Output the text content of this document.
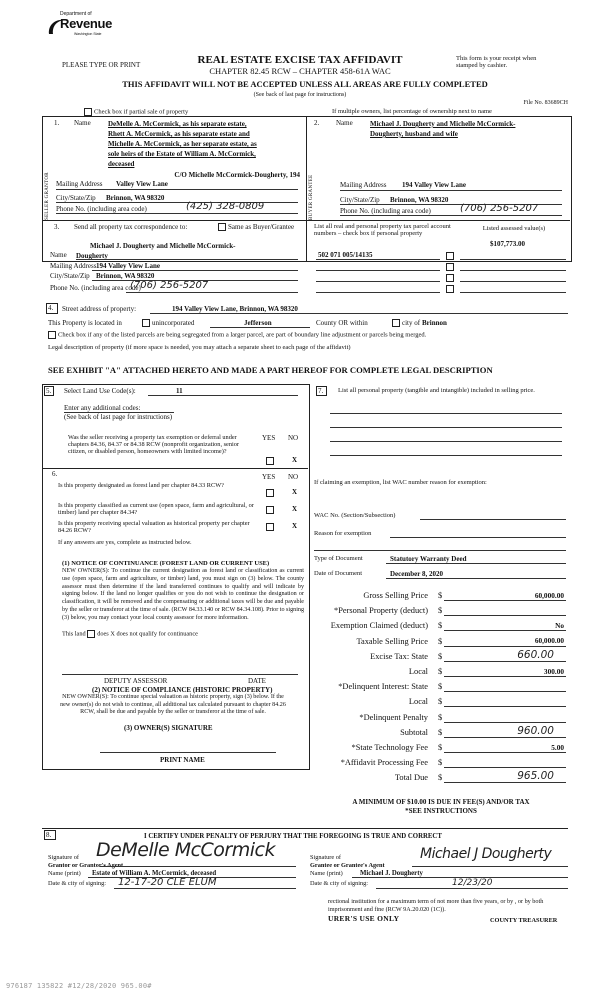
Department of
Revenue
Washington State
PLEASE TYPE OR PRINT	REAL ESTATE EXCISE TAX AFFIDAVIT
CHAPTER 82.45 RCW – CHAPTER 458-61A WAC
This form is your receipt when stamped by cashier.
THIS AFFIDAVIT WILL NOT BE ACCEPTED UNLESS ALL AREAS ARE FULLY COMPLETED
(See back of last page for instructions)
File No. 83689CH
Check box if partial sale of property	If multiple owners, list percentage of ownership next to name
1. Name DeMelle A. McCormick, as his separate estate,
Rhett A. McCormick, as his separate estate and
Michelle A. McCormick, as her separate estate, as
sole heirs of the Estate of William A. McCormick,
deceased
C/O Michelle McCormick-Dougherty, 194
SELLER GRANTOR Mailing Address Valley View Lane
City/State/Zip Brinnon, WA 98320
Phone No. (including area code)	(425) 328-0809
2. Name Michael J. Dougherty and Michelle McCormick-
Dougherty, husband and wife
BUYER GRANTEE	Mailing Address 194 Valley View Lane
City/State/Zip Brinnon, WA 98320
Phone No. (including area code)	(706) 256-5207
3. Send all property tax correspondence to:	Same as Buyer/Grantee
Michael J. Dougherty and Michelle McCormick-
Dougherty
Name
Mailing Address 194 Valley View Lane
City/State/Zip Brinnon, WA 98320
Phone No. (including area code)
(706) 256-5207
List all real and personal property tax parcel account numbers – check box if personal property
Listed assessed value(s)
$107,773.00
502 071 005/14135
4. Street address of property:	194 Valley View Lane, Brinnon, WA 98320
This Property is located in	unincorporated	Jefferson	County OR within	city of Brinnon
Check box if any of the listed parcels are being segregated from a larger parcel, are part of boundary line adjustment or parcels being merged.
Legal description of property (if more space is needed, you may attach a separate sheet to each page of the affidavit)
SEE EXHIBIT "A" ATTACHED HERETO AND MADE A PART HEREOF FOR COMPLETE LEGAL DESCRIPTION
5. Select Land Use Code(s):	11
Enter any additional codes:
(See back of last page for instructions)
YES NO
Was the seller receiving a property tax exemption or deferral under chapters 84.36, 84.37 or 84.38 RCW (nonprofit organization, senior citizen, or disabled person, homeowners with limited income)?
X
6.	YES NO
Is this property designated as forest land per chapter 84.33 RCW?
X
Is this property classified as current use (open space, farm and agricultural, or timber) land per chapter 84.34?	X
Is this property receiving special valuation as historical property per chapter 84.26 RCW?
X
If any answers are yes, complete as instructed below.
(1) NOTICE OF CONTINUANCE (FOREST LAND OR CURRENT USE)
NEW OWNER(S): To continue the current designation as forest land or classification as current use (open space, farm and agriculture, or timber) land, you must sign on (3) below. The county assessor must then determine if the land transferred continues to qualify and will indicate by signing below. If the land no longer qualifies or you do not wish to continue the designation or classification, it will be removed and the compensating or additional taxes will be due and payable by the seller or transferor at the time of sale. (RCW 84.33.140 or RCW 84.34.108). Prior to signing (3) below, you may contact your local county assessor for more information.
This land does X does not qualify for continuance
DEPUTY ASSESSOR	DATE
(2) NOTICE OF COMPLIANCE (HISTORIC PROPERTY)
NEW OWNER(S): To continue special valuation as historic property, sign (3) below. If the new owner(s) do not wish to continue, all additional tax calculated pursuant to chapter 84.26 RCW, shall be due and payable by the seller or transferor at the time of sale.
(3) OWNER(S) SIGNATURE
PRINT NAME
7. List all personal property (tangible and intangible) included in selling price.
If claiming an exemption, list WAC number reason for exemption:
WAC No. (Section/Subsection)
Reason for exemption
Type of Document	Statutory Warranty Deed
Date of Document	December 8, 2020
Gross Selling Price $	60,000.00
*Personal Property (deduct) $
Exemption Claimed (deduct) $	No
Taxable Selling Price $	60,000.00
Excise Tax: State $	660.00
Local $	300.00
*Delinquent Interest: State $
Local $
*Delinquent Penalty $
Subtotal $	960.00
*State Technology Fee $	5.00
*Affidavit Processing Fee $
Total Due $	965.00
A MINIMUM OF $10.00 IS DUE IN FEE(S) AND/OR TAX
*SEE INSTRUCTIONS
8.	I CERTIFY UNDER PENALTY OF PERJURY THAT THE FOREGOING IS TRUE AND CORRECT
Signature of
Grantor or Grantor's Agent
DeMelle McCormick
Name (print) Estate of William A. McCormick, deceased
Date & city of signing: 12-17-20 CLE ELUM
Signature of
Grantee or Grantee's Agent
Michael J Dougherty
Name (print)	Michael J. Dougherty
Date & city of signing:	12/23/20
rectional institution for a maximum term of not more than five years, or by , or by both imprisonment and fine (RCW 9A.20.020 (1C)).
URER'S USE ONLY	COUNTY TREASURER
976187 135822 #12/28/2020 965.00#
